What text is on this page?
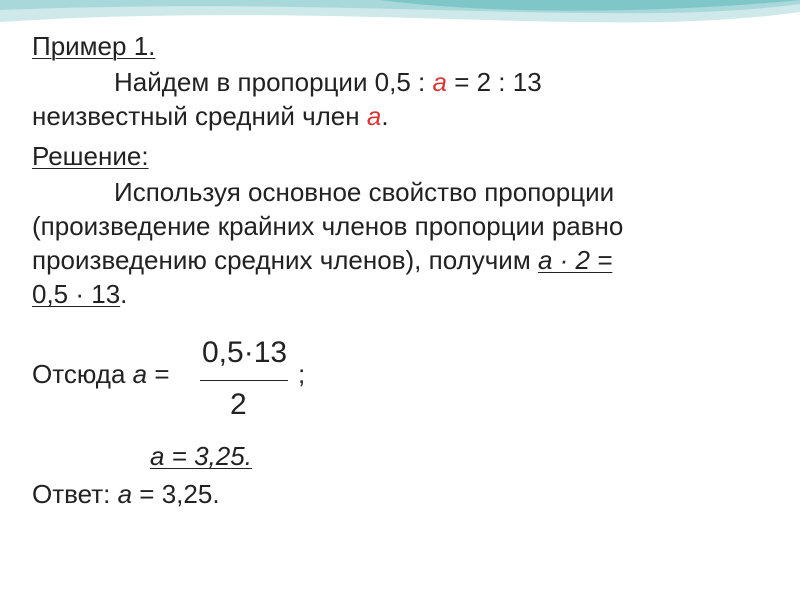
Пример 1.
Найдем в пропорции 0,5 : а = 2 : 13
неизвестный средний член а.
Решение:
Используя основное свойство пропорции
(произведение крайних членов пропорции равно
произведению средних членов), получим а · 2 =
0,5 · 13.
Отсюда а =
0,5·13
2
;
а = 3,25.
Ответ: а = 3,25.
